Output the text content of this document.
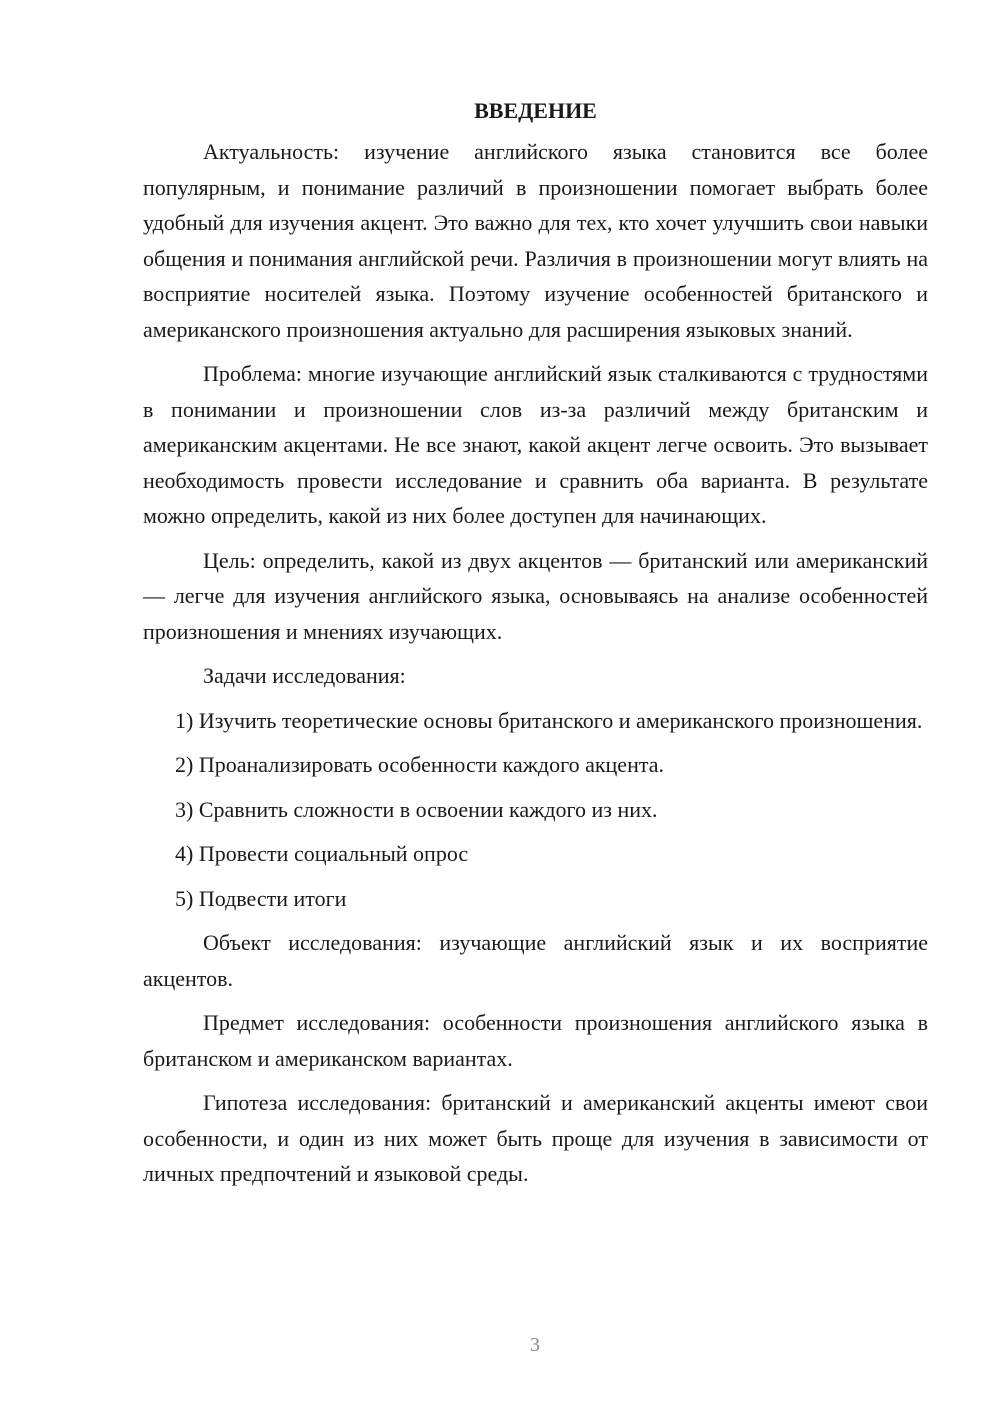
ВВЕДЕНИЕ

Актуальность: изучение английского языка становится все более популярным, и понимание различий в произношении помогает выбрать более удобный для изучения акцент. Это важно для тех, кто хочет улучшить свои навыки общения и понимания английской речи. Различия в произношении могут влиять на восприятие носителей языка. Поэтому изучение особенностей британского и американского произношения актуально для расширения языковых знаний.

Проблема: многие изучающие английский язык сталкиваются с трудностями в понимании и произношении слов из-за различий между британским и американским акцентами. Не все знают, какой акцент легче освоить. Это вызывает необходимость провести исследование и сравнить оба варианта. В результате можно определить, какой из них более доступен для начинающих.

Цель: определить, какой из двух акцентов — британский или американский — легче для изучения английского языка, основываясь на анализе особенностей произношения и мнениях изучающих.

Задачи исследования:

1) Изучить теоретические основы британского и американского произношения.

2) Проанализировать особенности каждого акцента.

3) Сравнить сложности в освоении каждого из них.

4) Провести социальный опрос

5) Подвести итоги

Объект исследования: изучающие английский язык и их восприятие акцентов.

Предмет исследования: особенности произношения английского языка в британском и американском вариантах.

Гипотеза исследования: британский и американский акценты имеют свои особенности, и один из них может быть проще для изучения в зависимости от личных предпочтений и языковой среды.

3
